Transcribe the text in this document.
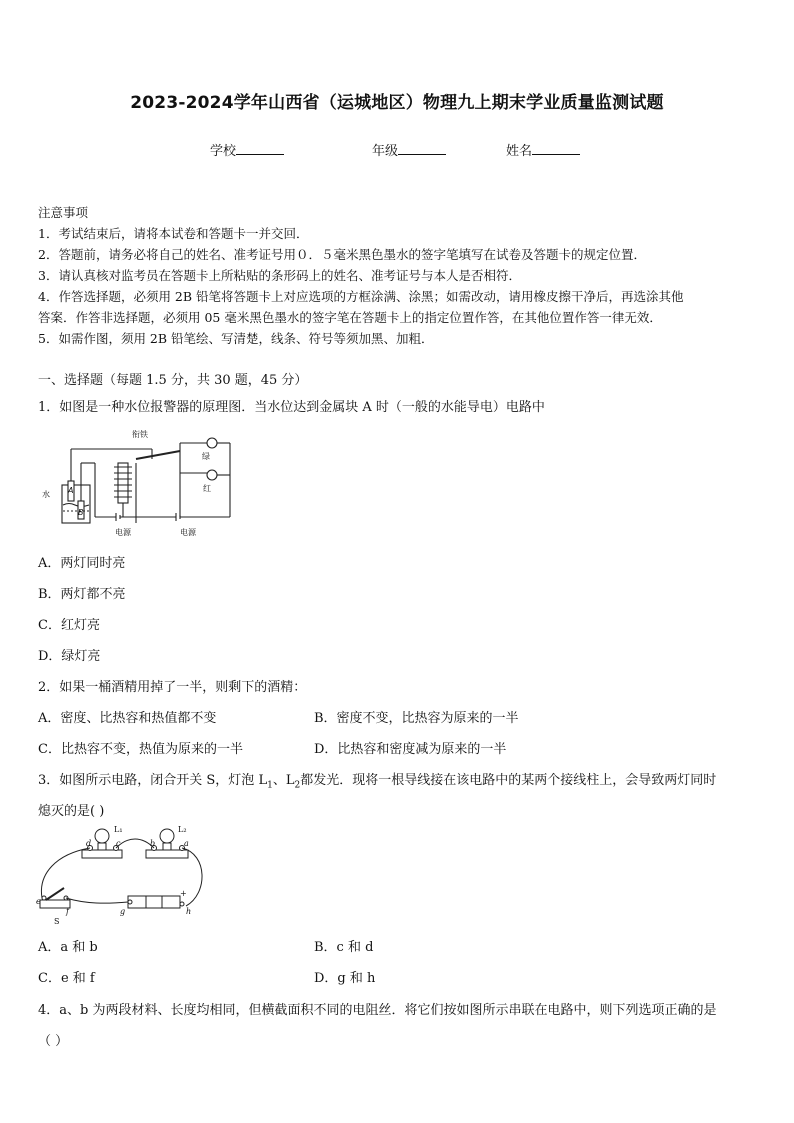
2023-2024学年山西省（运城地区）物理九上期末学业质量监测试题
学校	年级	姓名
注意事项
1．考试结束后，请将本试卷和答题卡一并交回．
2．答题前，请务必将自己的姓名、准考证号用０．５毫米黑色墨水的签字笔填写在试卷及答题卡的规定位置．
3．请认真核对监考员在答题卡上所粘贴的条形码上的姓名、准考证号与本人是否相符．
4．作答选择题，必须用 2B 铅笔将答题卡上对应选项的方框涂满、涂黑；如需改动，请用橡皮擦干净后，再选涂其他
答案．作答非选择题，必须用 05 毫米黑色墨水的签字笔在答题卡上的指定位置作答，在其他位置作答一律无效．
5．如需作图，须用 2B 铅笔绘、写清楚，线条、符号等须加黑、加粗．
一、选择题（每题 1.5 分，共 30 题，45 分）
1．如图是一种水位报警器的原理图．当水位达到金属块 A 时（一般的水能导电）电路中
衔铁
绿
红
水
电源	电源
A
B
A．两灯同时亮
B．两灯都不亮
C．红灯亮
D．绿灯亮
2．如果一桶酒精用掉了一半，则剩下的酒精：
A．密度、比热容和热值都不变	B．密度不变，比热容为原来的一半
C．比热容不变，热值为原来的一半	D．比热容和密度减为原来的一半
3．如图所示电路，闭合开关 S，灯泡 $L_1$、$L_2$都发光．现将一根导线接在该电路中的某两个接线柱上，会导致两灯同时
熄灭的是( )
L₁	L₂
d	c	b	a
e
f	g	h
S
+
A．a 和 b	B．c 和 d
C．e 和 f	D．g 和 h
4．a、b 为两段材料、长度均相同，但横截面积不同的电阻丝．将它们按如图所示串联在电路中，则下列选项正确的是
（ ）
